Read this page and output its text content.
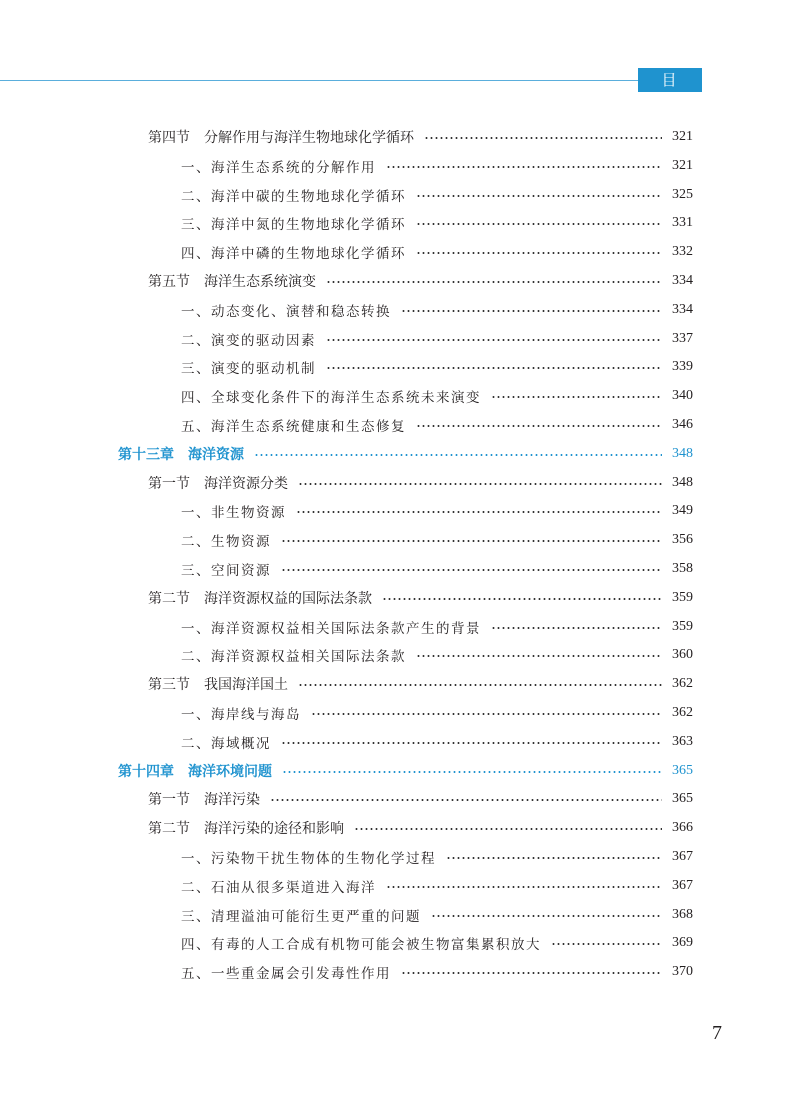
目 录
第四节　分解作用与海洋生物地球化学循环	321
一、海洋生态系统的分解作用	321
二、海洋中碳的生物地球化学循环	325
三、海洋中氮的生物地球化学循环	331
四、海洋中磷的生物地球化学循环	332
第五节　海洋生态系统演变	334
一、动态变化、演替和稳态转换	334
二、演变的驱动因素	337
三、演变的驱动机制	339
四、全球变化条件下的海洋生态系统未来演变	340
五、海洋生态系统健康和生态修复	346
第十三章　海洋资源	348
第一节　海洋资源分类	348
一、非生物资源	349
二、生物资源	356
三、空间资源	358
第二节　海洋资源权益的国际法条款	359
一、海洋资源权益相关国际法条款产生的背景	359
二、海洋资源权益相关国际法条款	360
第三节　我国海洋国土	362
一、海岸线与海岛	362
二、海域概况	363
第十四章　海洋环境问题	365
第一节　海洋污染	365
第二节　海洋污染的途径和影响	366
一、污染物干扰生物体的生物化学过程	367
二、石油从很多渠道进入海洋	367
三、清理溢油可能衍生更严重的问题	368
四、有毒的人工合成有机物可能会被生物富集累积放大	369
五、一些重金属会引发毒性作用	370
7
